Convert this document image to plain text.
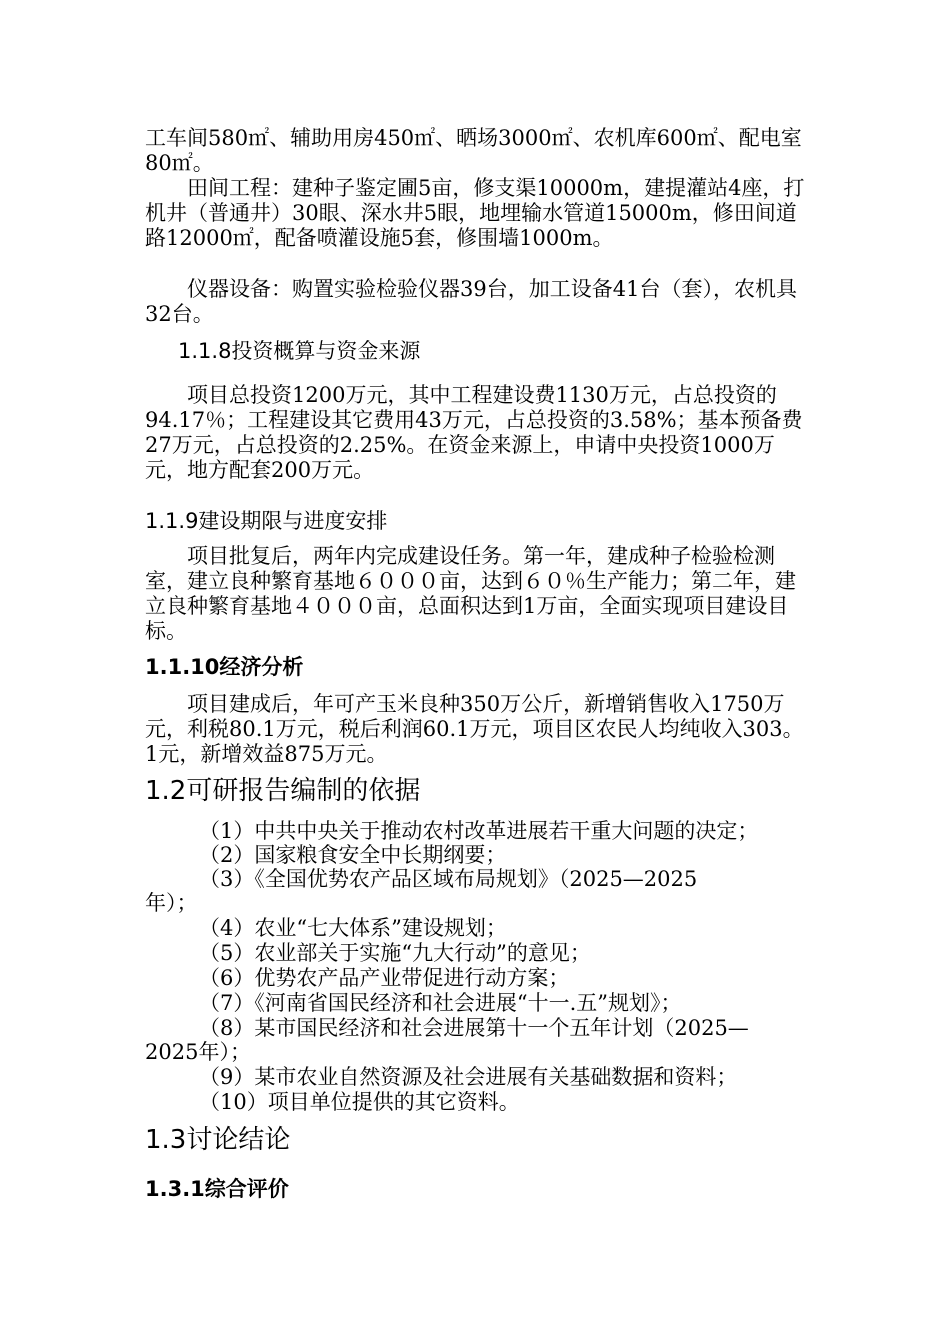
工车间580㎡、辅助用房450㎡、晒场3000㎡、农机库600㎡、配电室80㎡。
田间工程：建种子鉴定圃5亩，修支渠10000m，建提灌站4座，打机井（普通井）30眼、深水井5眼，地埋输水管道15000m，修田间道路12000㎡，配备喷灌设施5套，修围墙1000m。
仪器设备：购置实验检验仪器39台，加工设备41台（套），农机具32台。
1.1.8投资概算与资金来源
项目总投资1200万元，其中工程建设费1130万元，占总投资的94.17％；工程建设其它费用43万元，占总投资的3.58%；基本预备费27万元，占总投资的2.25%。在资金来源上，申请中央投资1000万元，地方配套200万元。
1.1.9建设期限与进度安排
项目批复后，两年内完成建设任务。第一年，建成种子检验检测室，建立良种繁育基地６０００亩，达到６０％生产能力；第二年，建立良种繁育基地４０００亩，总面积达到1万亩，全面实现项目建设目标。
1.1.10经济分析
项目建成后，年可产玉米良种350万公斤，新增销售收入1750万元，利税80.1万元，税后利润60.1万元，项目区农民人均纯收入303。1元，新增效益875万元。
1.2可研报告编制的依据
（1）中共中央关于推动农村改革进展若干重大问题的决定；
（2）国家粮食安全中长期纲要；
（3）《全国优势农产品区域布局规划》（2025—2025
年）；
（4）农业“七大体系”建设规划；
（5）农业部关于实施“九大行动”的意见；
（6）优势农产品产业带促进行动方案；
（7）《河南省国民经济和社会进展“十一.五”规划》；
（8）某市国民经济和社会进展第十一个五年计划（2025—
2025年）；
（9）某市农业自然资源及社会进展有关基础数据和资料；
（10）项目单位提供的其它资料。
1.3讨论结论
1.3.1综合评价
